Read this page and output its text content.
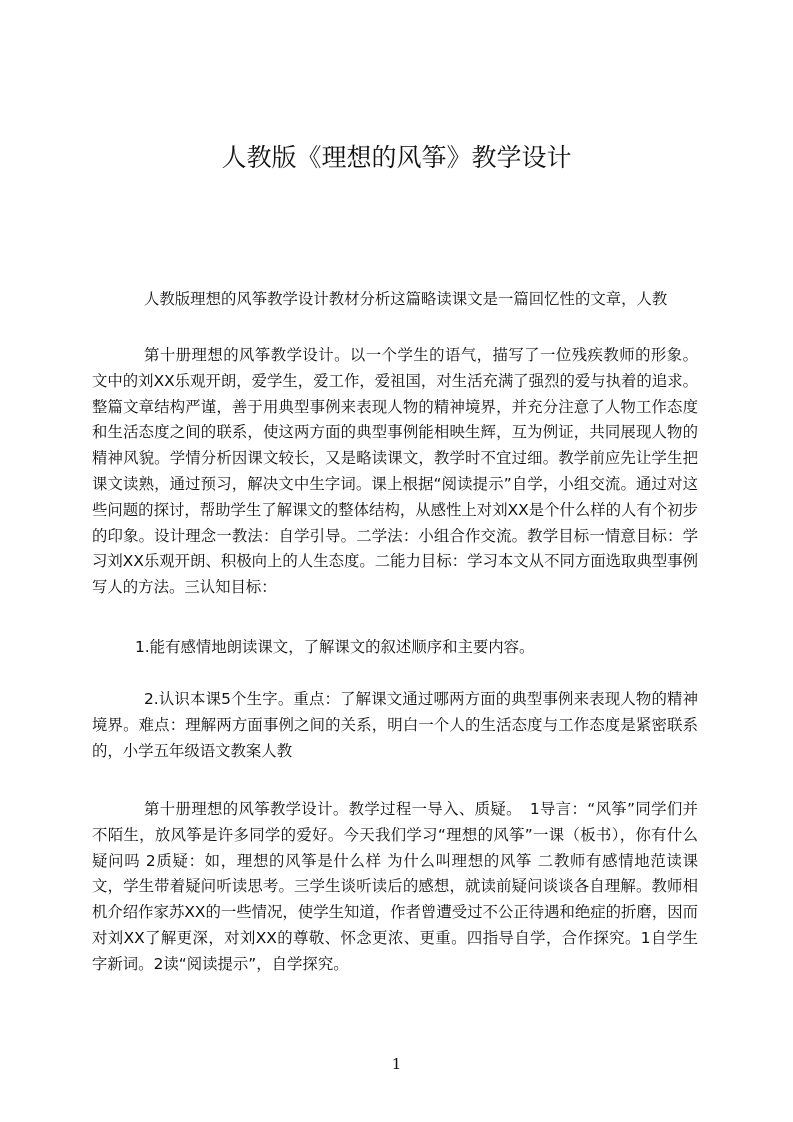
人教版《理想的风筝》教学设计

人教版理想的风筝教学设计教材分析这篇略读课文是一篇回忆性的文章，人教

第十册理想的风筝教学设计。以一个学生的语气，描写了一位残疾教师的形象。文中的刘XX乐观开朗，爱学生，爱工作，爱祖国，对生活充满了强烈的爱与执着的追求。整篇文章结构严谨，善于用典型事例来表现人物的精神境界，并充分注意了人物工作态度和生活态度之间的联系，使这两方面的典型事例能相映生辉，互为例证，共同展现人物的精神风貌。学情分析因课文较长，又是略读课文，教学时不宜过细。教学前应先让学生把课文读熟，通过预习，解决文中生字词。课上根据“阅读提示”自学，小组交流。通过对这些问题的探讨，帮助学生了解课文的整体结构，从感性上对刘XX是个什么样的人有个初步的印象。设计理念一教法：自学引导。二学法：小组合作交流。教学目标一情意目标：学习刘XX乐观开朗、积极向上的人生态度。二能力目标：学习本文从不同方面选取典型事例写人的方法。三认知目标：

1.能有感情地朗读课文，了解课文的叙述顺序和主要内容。

2.认识本课5个生字。重点：了解课文通过哪两方面的典型事例来表现人物的精神境界。难点：理解两方面事例之间的关系，明白一个人的生活态度与工作态度是紧密联系的，小学五年级语文教案人教

第十册理想的风筝教学设计。教学过程一导入、质疑。　1导言：“风筝”同学们并不陌生，放风筝是许多同学的爱好。今天我们学习“理想的风筝”一课（板书），你有什么疑问吗 2质疑：如，理想的风筝是什么样 为什么叫理想的风筝 二教师有感情地范读课文，学生带着疑问听读思考。三学生谈听读后的感想，就读前疑问谈谈各自理解。教师相机介绍作家苏XX的一些情况，使学生知道，作者曾遭受过不公正待遇和绝症的折磨，因而对刘XX了解更深，对刘XX的尊敬、怀念更浓、更重。四指导自学，合作探究。1自学生字新词。2读“阅读提示”，自学探究。

1
